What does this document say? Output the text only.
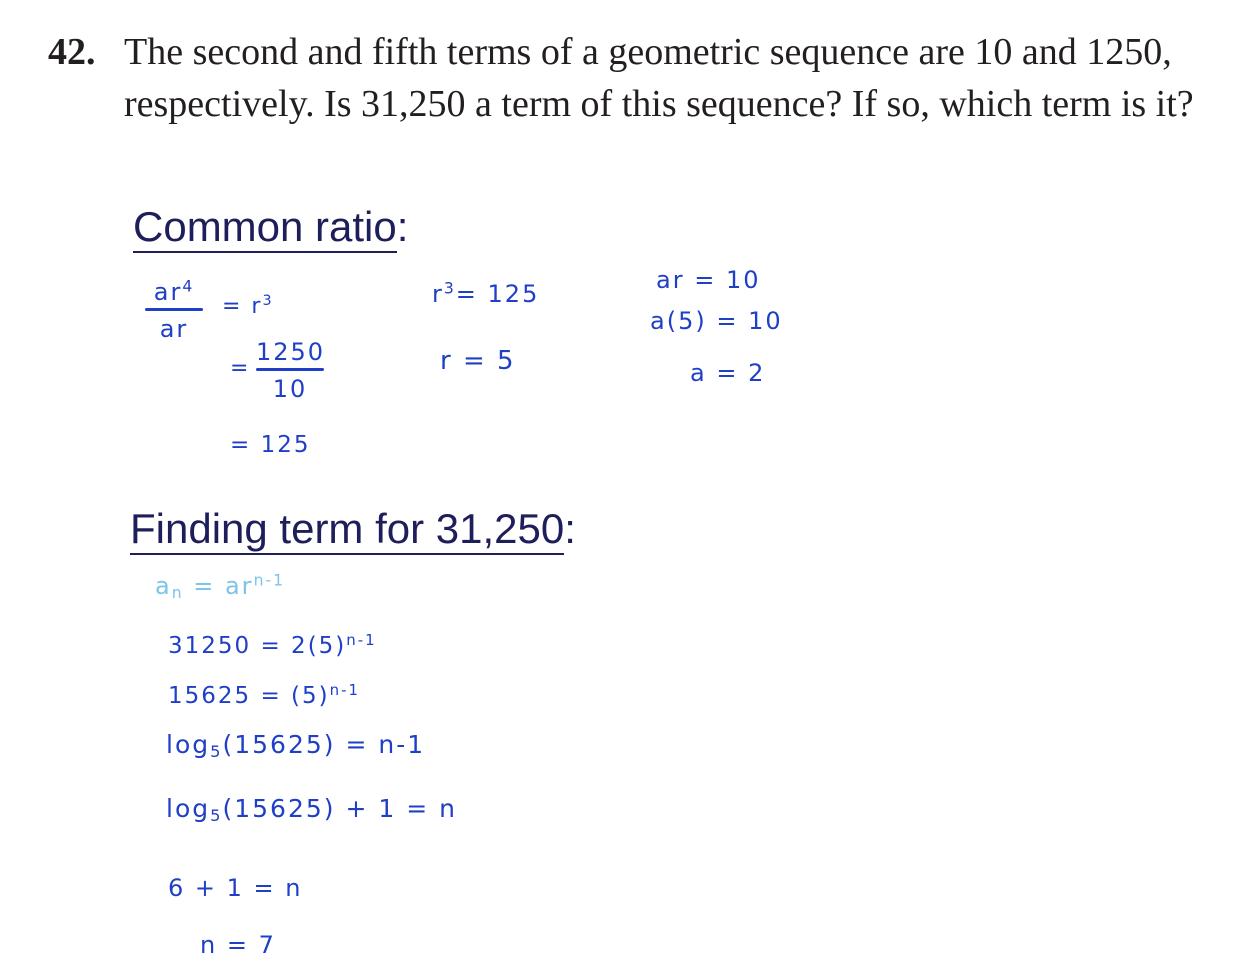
42. The second and fifth terms of a geometric sequence are 10 and 1250, respectively. Is 31,250 a term of this sequence? If so, which term is it?

Common ratio:
$ar^4$
ar
= $r^3$
=
1250
10
= 125
$r^3= 125$
r = 5
ar = 10
a(5) = 10
a = 2
Finding term for 31,250:
$a_n = ar^{n-1}$
$31250 = 2(5)^{n-1}$
$15625 = (5)^{n-1}$
$\log_5(15625) = n-1$
$\log_5(15625) + 1 = n$
6 + 1 = n
n = 7
